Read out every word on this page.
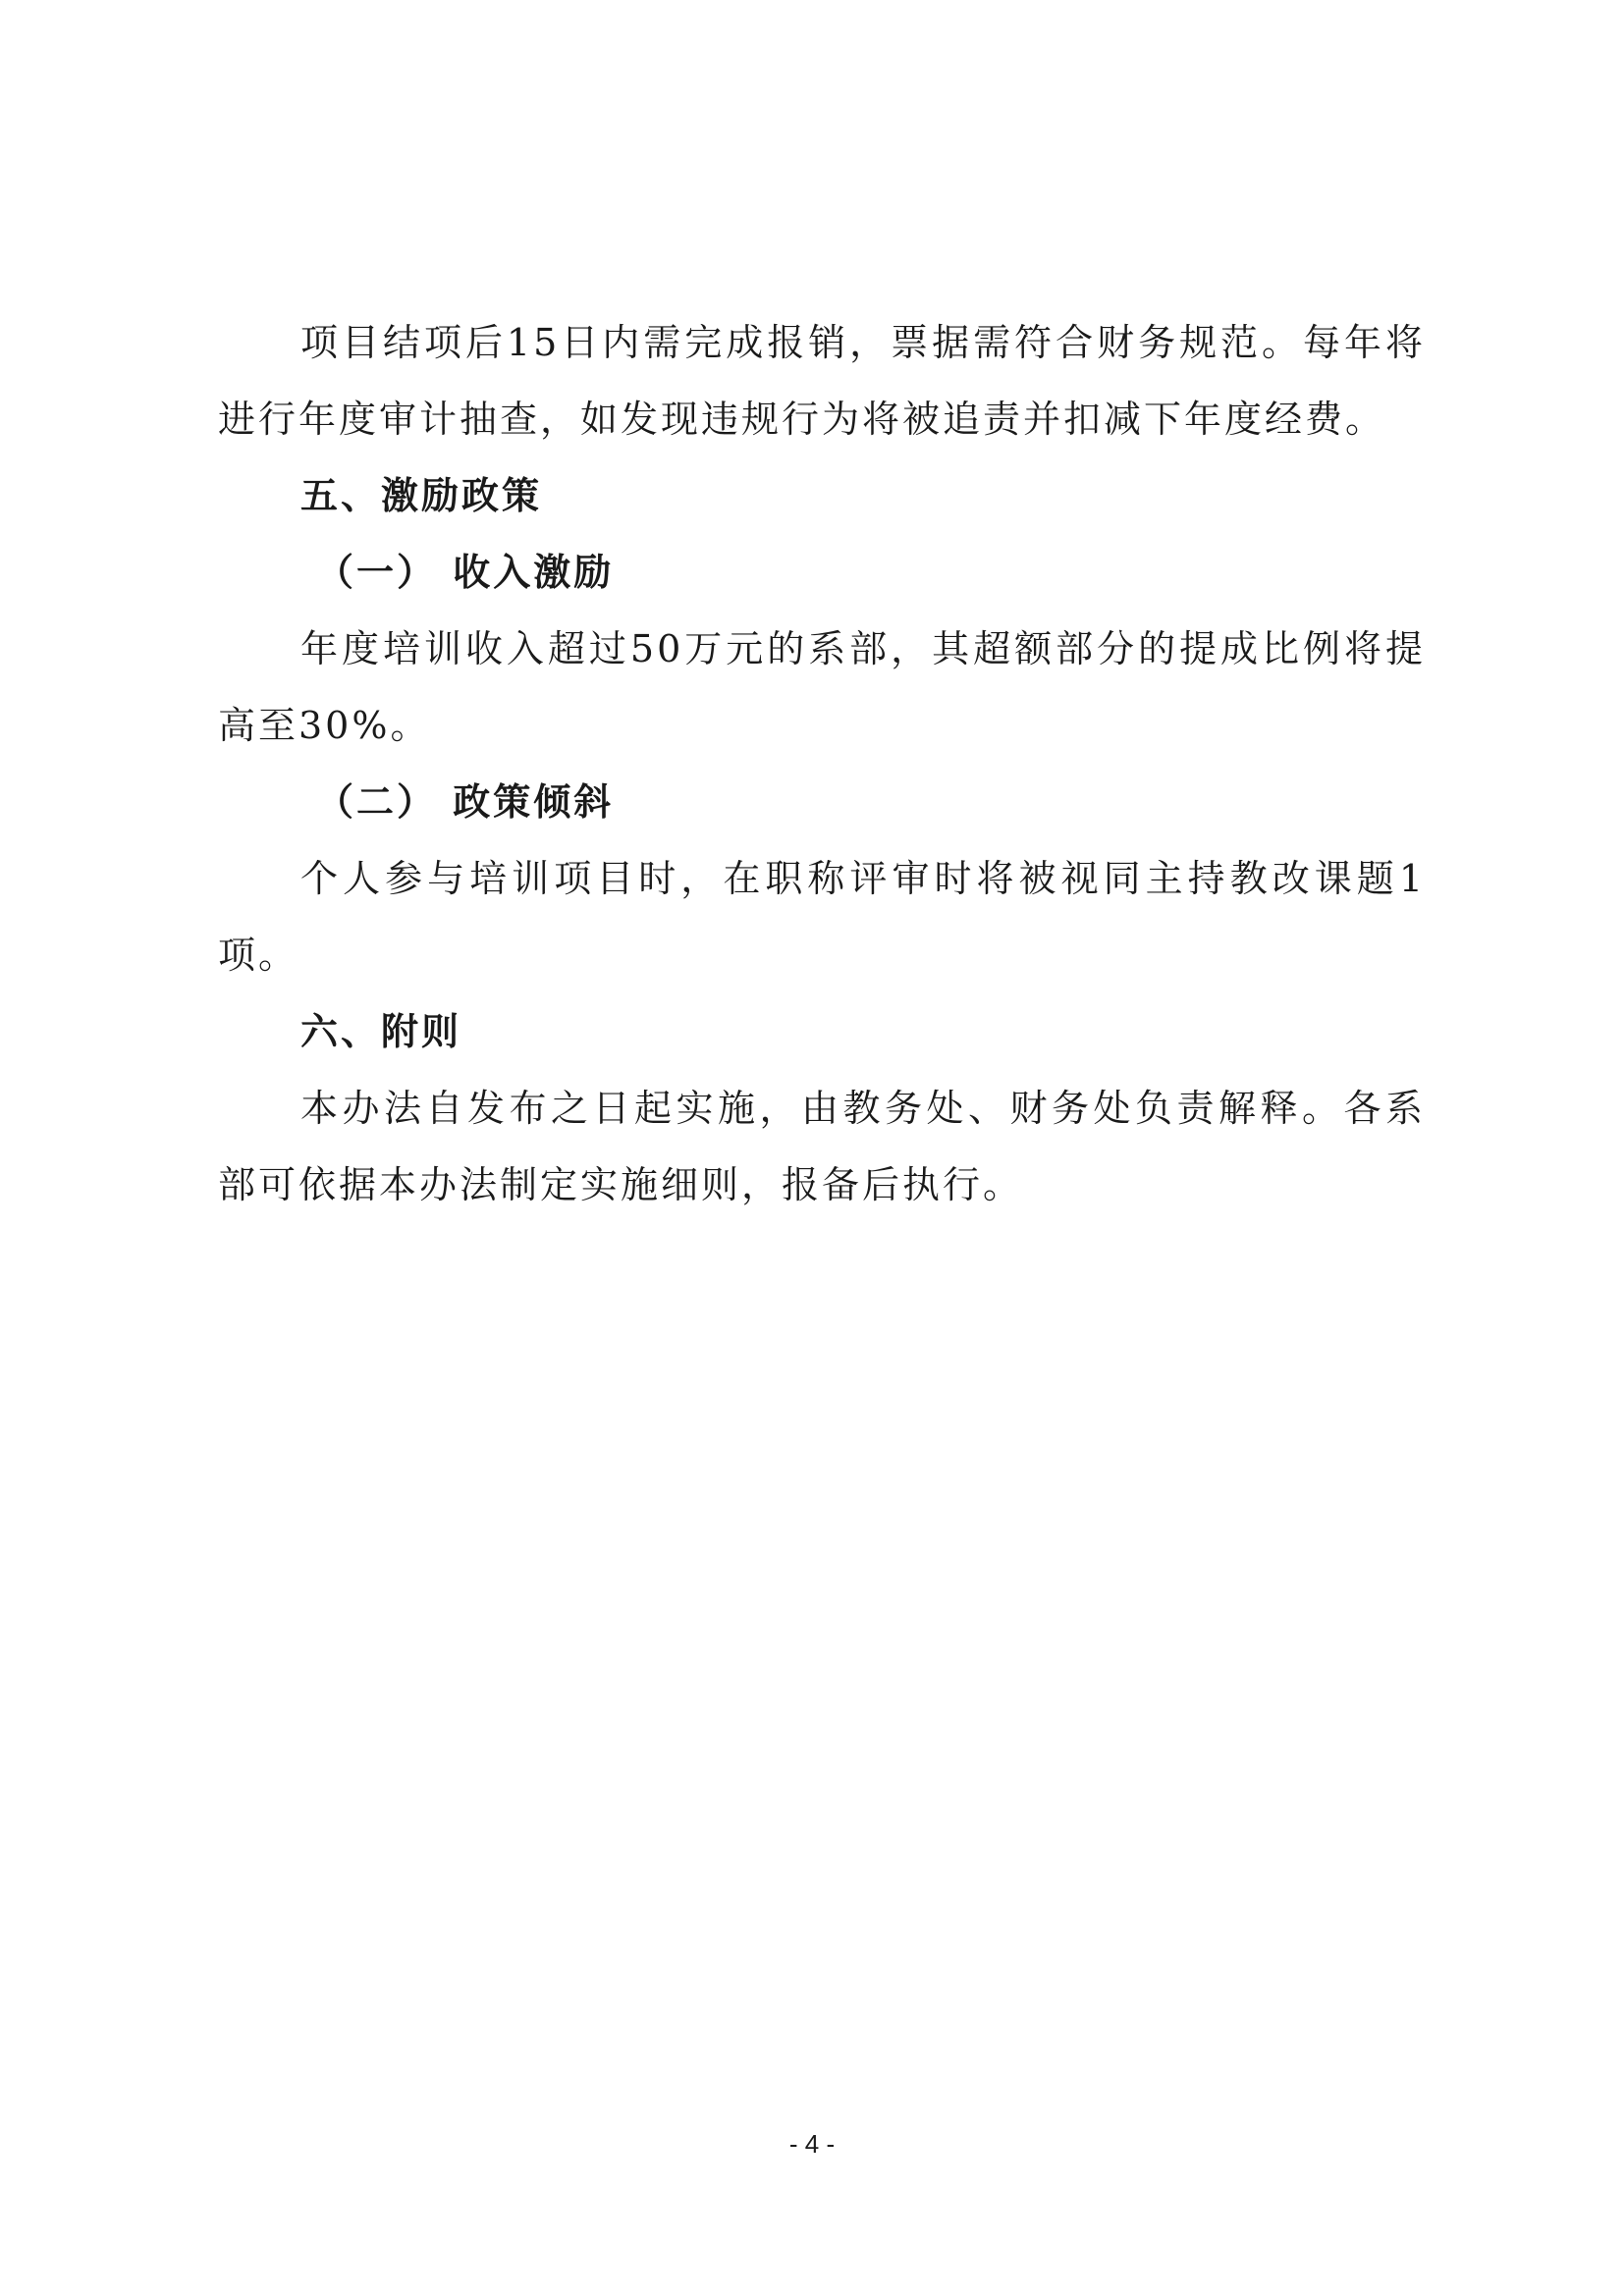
项目结项后15日内需完成报销，票据需符合财务规范。每年将进行年度审计抽查，如发现违规行为将被追责并扣减下年度经费。

五、激励政策

（一） 收入激励

年度培训收入超过50万元的系部，其超额部分的提成比例将提高至30%。

（二） 政策倾斜

个人参与培训项目时，在职称评审时将被视同主持教改课题1项。

六、附则

本办法自发布之日起实施，由教务处、财务处负责解释。各系部可依据本办法制定实施细则，报备后执行。

- 4 -
